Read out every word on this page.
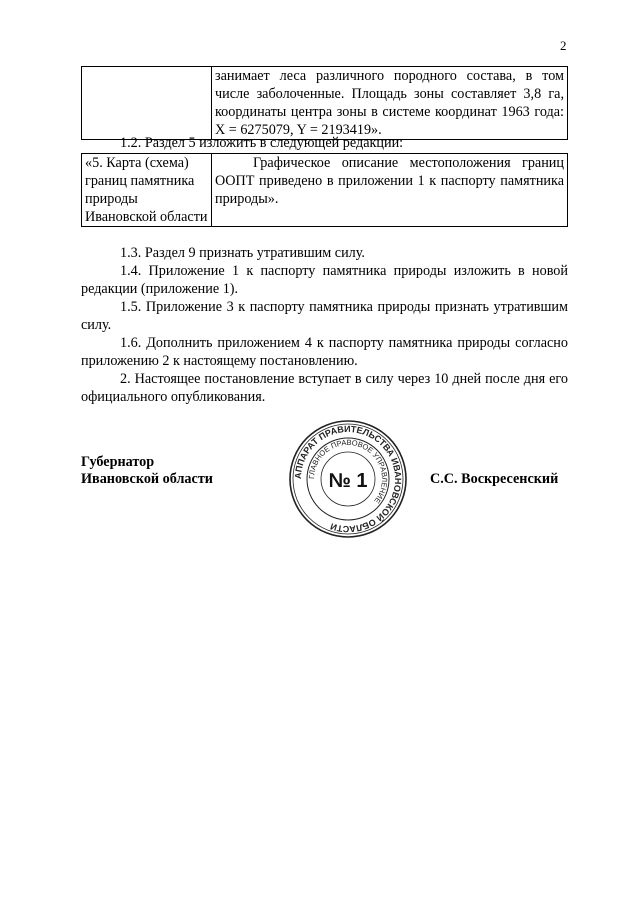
2
	занимает леса различного породного состава, в том числе заболоченные. Площадь зоны составляет 3,8 га, координаты центра зоны в системе координат 1963 года: X = 6275079, Y = 2193419».
1.2. Раздел 5 изложить в следующей редакции:
«5. Карта (схема) границ памятника природы Ивановской области	Графическое описание местоположения границ ООПТ приведено в приложении 1 к паспорту памятника природы».
1.3. Раздел 9 признать утратившим силу.
1.4. Приложение 1 к паспорту памятника природы изложить в новой редакции (приложение 1).
1.5. Приложение 3 к паспорту памятника природы признать утратившим силу.
1.6. Дополнить приложением 4 к паспорту памятника природы согласно приложению 2 к настоящему постановлению.
2. Настоящее постановление вступает в силу через 10 дней после дня его официального опубликования.
Губернатор
Ивановской области	АППАРАТ ПРАВИТЕЛЬСТВА ИВАНОВСКОЙ ОБЛАСТИ
ГЛАВНОЕ ПРАВОВОЕ УПРАВЛЕНИЕ
№ 1	С.С. Воскресенский
